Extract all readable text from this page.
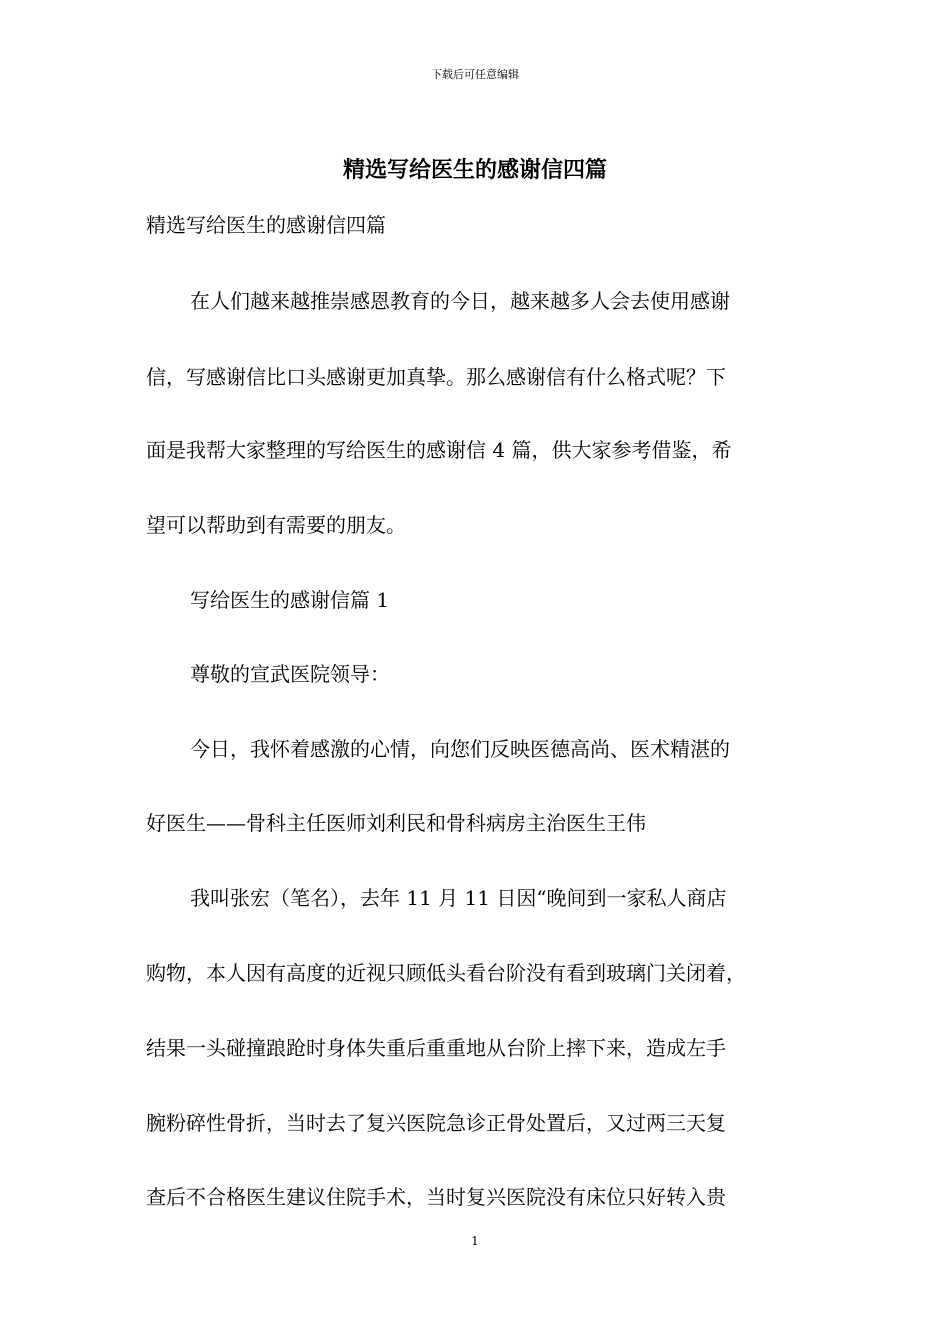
下载后可任意编辑
精选写给医生的感谢信四篇

精选写给医生的感谢信四篇

在人们越来越推崇感恩教育的今日，越来越多人会去使用感谢

信，写感谢信比口头感谢更加真挚。那么感谢信有什么格式呢？下

面是我帮大家整理的写给医生的感谢信 4 篇，供大家参考借鉴，希

望可以帮助到有需要的朋友。

写给医生的感谢信篇 1

尊敬的宣武医院领导：

今日，我怀着感激的心情，向您们反映医德高尚、医术精湛的

好医生——骨科主任医师刘利民和骨科病房主治医生王伟

我叫张宏（笔名），去年 11 月 11 日因“晚间到一家私人商店

购物，本人因有高度的近视只顾低头看台阶没有看到玻璃门关闭着，

结果一头碰撞踉跄时身体失重后重重地从台阶上摔下来，造成左手

腕粉碎性骨折，当时去了复兴医院急诊正骨处置后，又过两三天复

查后不合格医生建议住院手术，当时复兴医院没有床位只好转入贵

1
